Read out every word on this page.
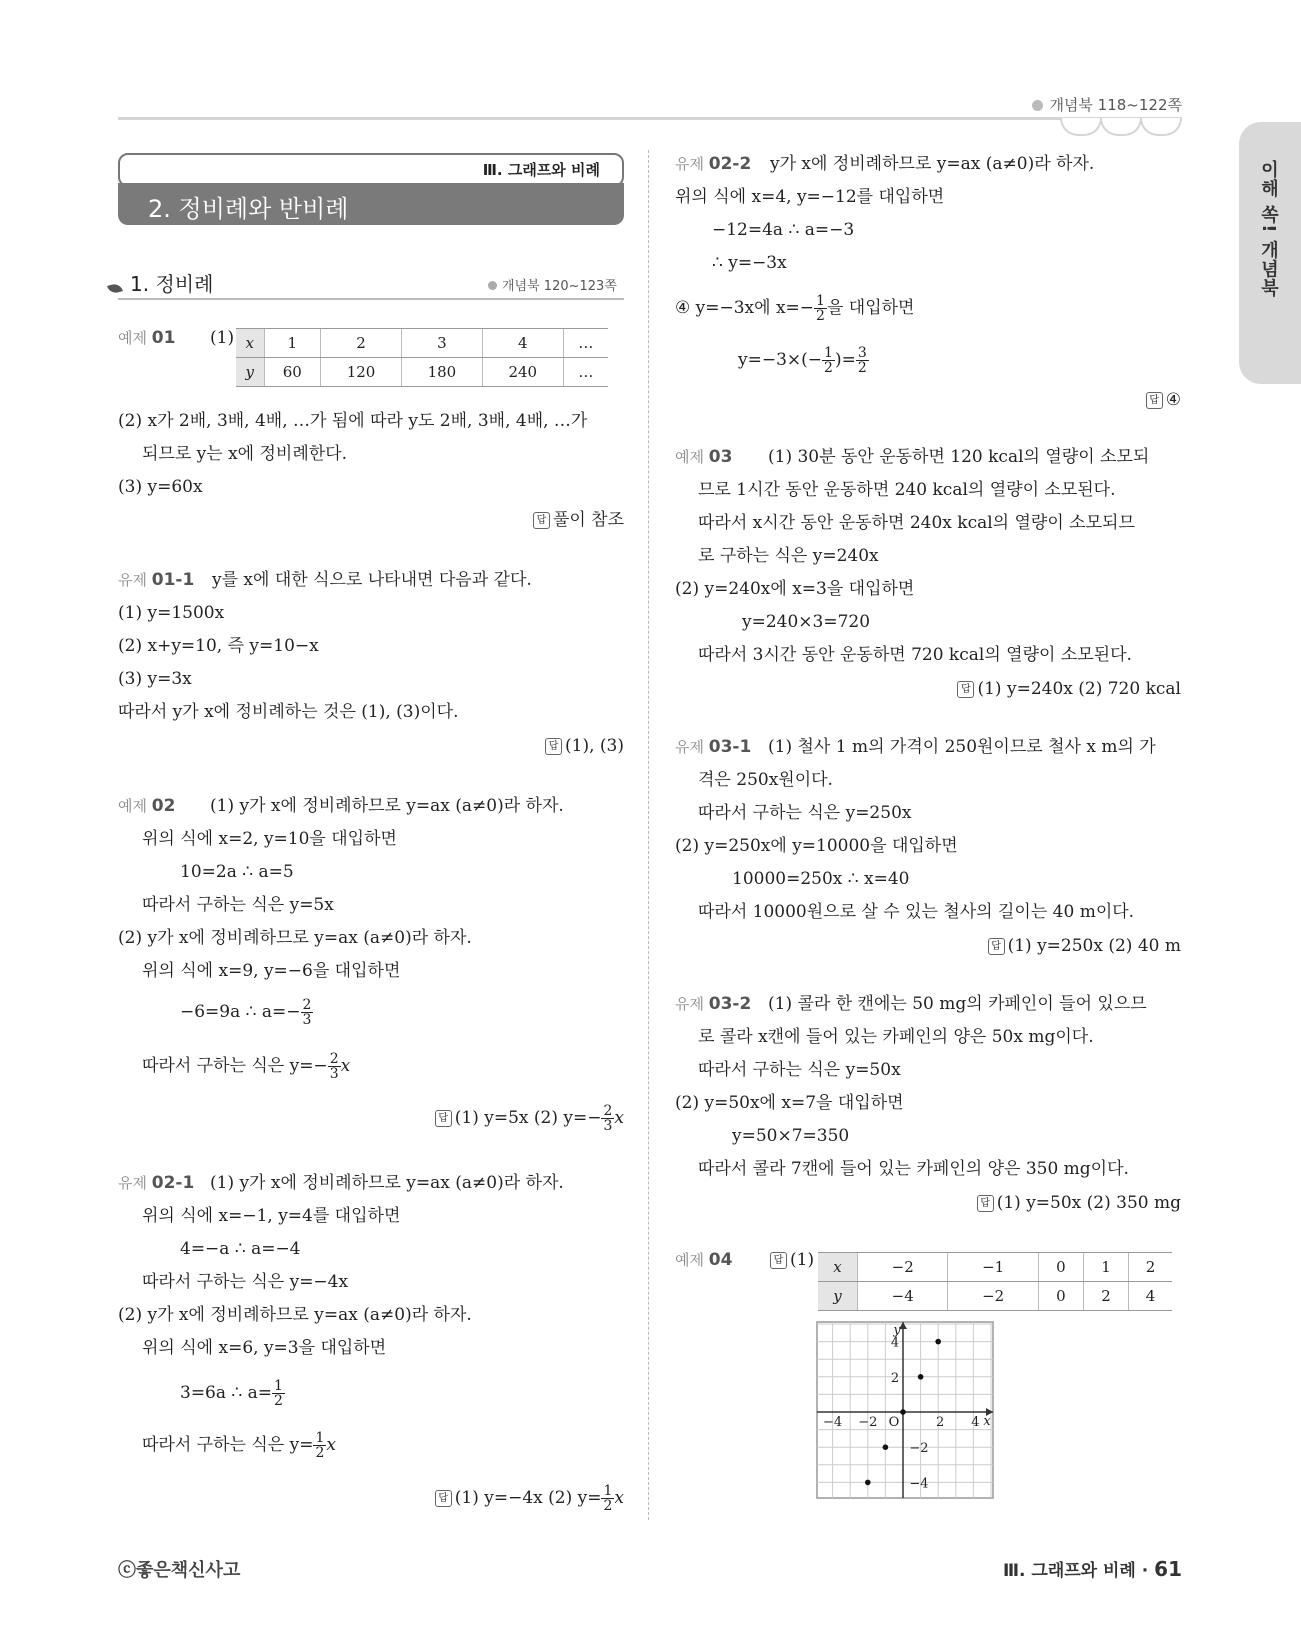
개념북 118~122쪽
이해 쏙! 개념북
Ⅲ. 그래프와 비례
2. 정비례와 반비례
1. 정비례	개념북 120~123쪽
예제 01 (1) x	1	2	3	4	…
y	60	120	180	240	…
(2) x가 2배, 3배, 4배, …가 됨에 따라 y도 2배, 3배, 4배, …가
되므로 y는 x에 정비례한다.
(3) y=60x
답 풀이 참조
유제 01-1 y를 x에 대한 식으로 나타내면 다음과 같다.
(1) y=1500x
(2) x+y=10, 즉 y=10−x
(3) y=3x
따라서 y가 x에 정비례하는 것은 (1), (3)이다.
답 (1), (3)
예제 02 (1) y가 x에 정비례하므로 y=ax (a≠0)라 하자.
위의 식에 x=2, y=10을 대입하면
10=2a ∴ a=5
따라서 구하는 식은 y=5x
(2) y가 x에 정비례하므로 y=ax (a≠0)라 하자.
위의 식에 x=9, y=−6을 대입하면
−6=9a ∴ $a=- \frac{2}{3}$
따라서 구하는 식은 $y=- \frac{2}{3}$ x
답 (1) y=5x (2) $y=- \frac{2}{3}$ x
유제 02-1 (1) y가 x에 정비례하므로 y=ax (a≠0)라 하자.
위의 식에 x=−1, y=4를 대입하면
4=−a ∴ a=−4
따라서 구하는 식은 y=−4x
(2) y가 x에 정비례하므로 y=ax (a≠0)라 하자.
위의 식에 x=6, y=3을 대입하면
3=6a ∴ $a= \frac{1}{2}$
따라서 구하는 식은 $y= \frac{1}{2}$ x
답 (1) y=−4x (2) $y= \frac{1}{2}$ x
유제 02-2 y가 x에 정비례하므로 y=ax (a≠0)라 하자.
위의 식에 x=4, y=−12를 대입하면
−12=4a ∴ a=−3
∴ y=−3x
④ y=−3x에 $x=- \frac{1}{2}$ 을 대입하면
$y=-3\times(- \frac{1}{2}$ )= $\frac{3}{2}$
답 ④
예제 03 (1) 30분 동안 운동하면 120 kcal의 열량이 소모되
므로 1시간 동안 운동하면 240 kcal의 열량이 소모된다.
따라서 x시간 동안 운동하면 240x kcal의 열량이 소모되므
로 구하는 식은 y=240x
(2) y=240x에 x=3을 대입하면
y=240×3=720
따라서 3시간 동안 운동하면 720 kcal의 열량이 소모된다.
답 (1) y=240x (2) 720 kcal
유제 03-1 (1) 철사 1 m의 가격이 250원이므로 철사 x m의 가
격은 250x원이다.
따라서 구하는 식은 y=250x
(2) y=250x에 y=10000을 대입하면
10000=250x ∴ x=40
따라서 10000원으로 살 수 있는 철사의 길이는 40 m이다.
답 (1) y=250x (2) 40 m
유제 03-2 (1) 콜라 한 캔에는 50 mg의 카페인이 들어 있으므
로 콜라 x캔에 들어 있는 카페인의 양은 50x mg이다.
따라서 구하는 식은 y=50x
(2) y=50x에 x=7을 대입하면
y=50×7=350
따라서 콜라 7캔에 들어 있는 카페인의 양은 350 mg이다.
답 (1) y=50x (2) 350 mg
예제 04	답 (1) x	−2	−1	0	1	2
y	−4	−2	0	2	4
x
y
O
−4 −2	2 4
4
2
−2
−4
ⓒ좋은책신사고	Ⅲ. 그래프와 비례 · 61
